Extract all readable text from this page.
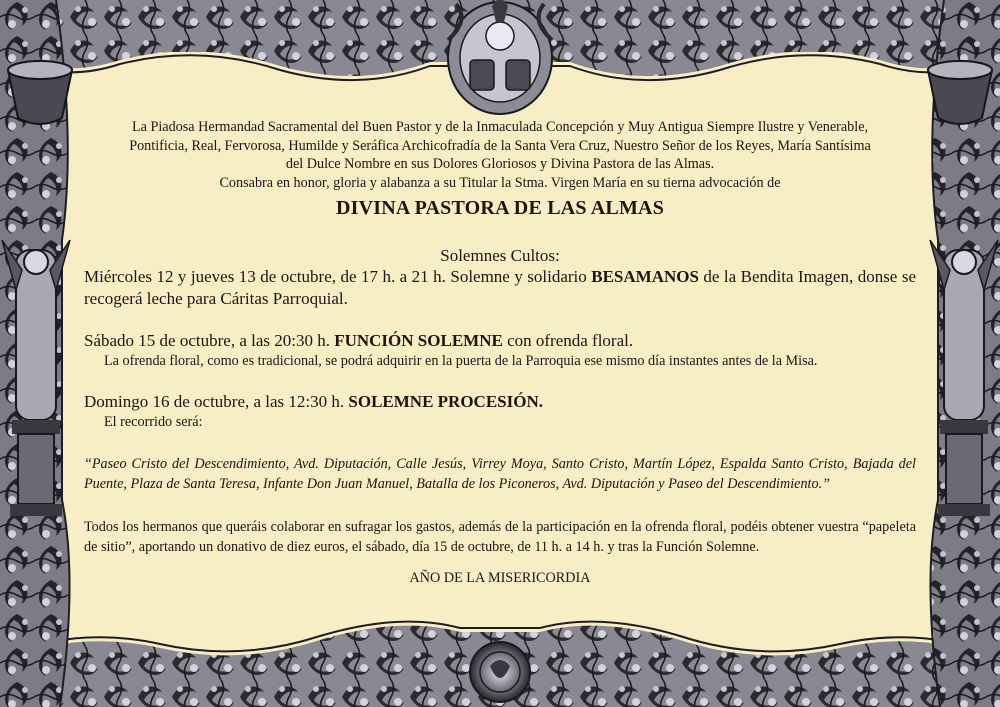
La Piadosa Hermandad Sacramental del Buen Pastor y de la Inmaculada Concepción y Muy Antigua Siempre Ilustre y Venerable,

Pontificia, Real, Fervorosa, Humilde y Seráfica Archicofradía de la Santa Vera Cruz, Nuestro Señor de los Reyes, María Santísima

del Dulce Nombre en sus Dolores Gloriosos y Divina Pastora de las Almas.

Consabra en honor, gloria y alabanza a su Titular la Stma. Virgen María en su tierna advocación de

DIVINA PASTORA DE LAS ALMAS

Solemnes Cultos:

Miércoles 12 y jueves 13 de octubre, de 17 h. a 21 h. Solemne y solidario BESAMANOS de la Bendita Imagen, donse se recogerá leche para Cáritas Parroquial.

Sábado 15 de octubre, a las 20:30 h. FUNCIÓN SOLEMNE con ofrenda floral.

La ofrenda floral, como es tradicional, se podrá adquirir en la puerta de la Parroquia ese mismo día instantes antes de la Misa.

Domingo 16 de octubre, a las 12:30 h. SOLEMNE PROCESIÓN.

El recorrido será:

“Paseo Cristo del Descendimiento, Avd. Diputación, Calle Jesús, Virrey Moya, Santo Cristo, Martín López, Espalda Santo Cristo, Bajada del Puente, Plaza de Santa Teresa, Infante Don Juan Manuel, Batalla de los Piconeros, Avd. Diputación y Paseo del Descendimiento.”

Todos los hermanos que queráis colaborar en sufragar los gastos, además de la participación en la ofrenda floral, podéis obtener vuestra “papeleta de sitio”, aportando un donativo de diez euros, el sábado, día 15 de octubre, de 11 h. a 14 h. y tras la Función Solemne.

AÑO DE LA MISERICORDIA
